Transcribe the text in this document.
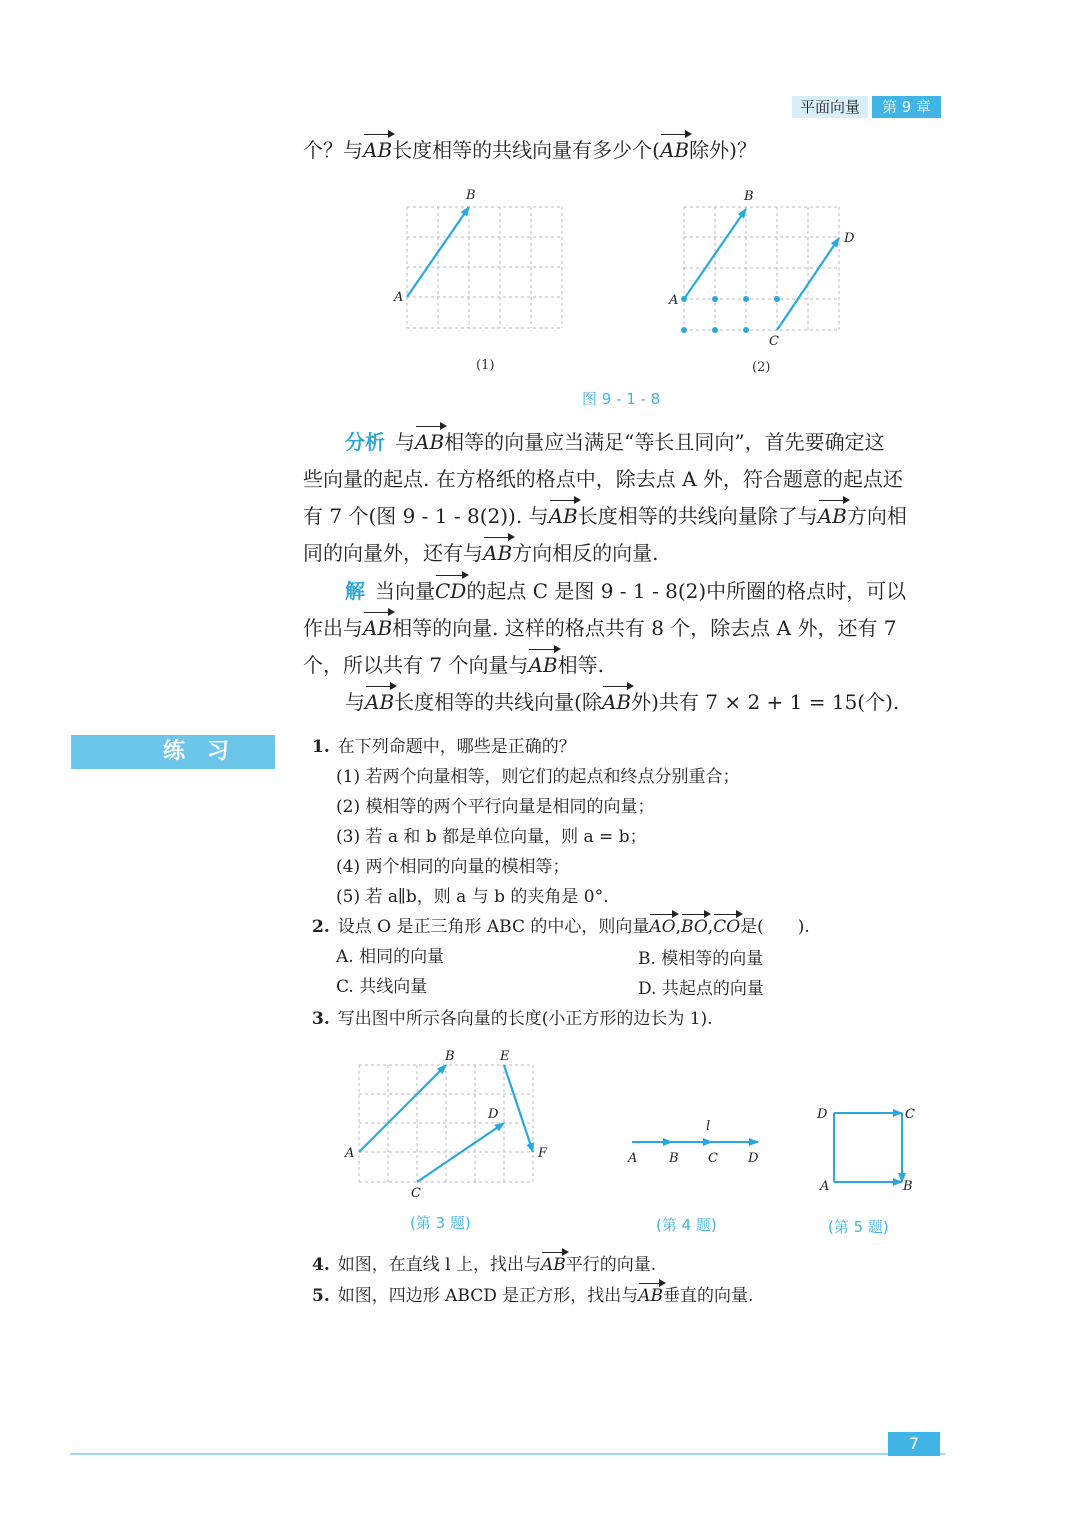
平面向量	第 9 章
个？与AB长度相等的共线向量有多少个(AB除外)？
A
B
(1)
A
B
C
D
(2)
图 9 - 1 - 8
分析 与AB相等的向量应当满足“等长且同向”，首先要确定这
些向量的起点. 在方格纸的格点中，除去点 A 外，符合题意的起点还
有 7 个(图 9 - 1 - 8(2)). 与AB长度相等的共线向量除了与AB方向相
同的向量外，还有与AB方向相反的向量.
解 当向量CD的起点 C 是图 9 - 1 - 8(2)中所圈的格点时，可以
作出与AB相等的向量. 这样的格点共有 8 个，除去点 A 外，还有 7
个，所以共有 7 个向量与AB相等.
与AB长度相等的共线向量(除AB外)共有 7 × 2 + 1 = 15(个).
练习	1. 在下列命题中，哪些是正确的？
(1) 若两个向量相等，则它们的起点和终点分别重合；
(2) 模相等的两个平行向量是相同的向量；
(3) 若 a 和 b 都是单位向量，则 a = b；
(4) 两个相同的向量的模相等；
(5) 若 a∥b，则 a 与 b 的夹角是 0°.
2. 设点 O 是正三角形 ABC 的中心，则向量AO,BO,CO是(　　).
A. 相同的向量	B. 模相等的向量
C. 共线向量	D. 共起点的向量
3. 写出图中所示各向量的长度(小正方形的边长为 1).
A
B
C
D
E
F
l
A B C D
D	C
A	B
(第 3 题)	(第 4 题)	(第 5 题)
4. 如图，在直线 l 上，找出与AB平行的向量.
5. 如图，四边形 ABCD 是正方形，找出与AB垂直的向量.
7
